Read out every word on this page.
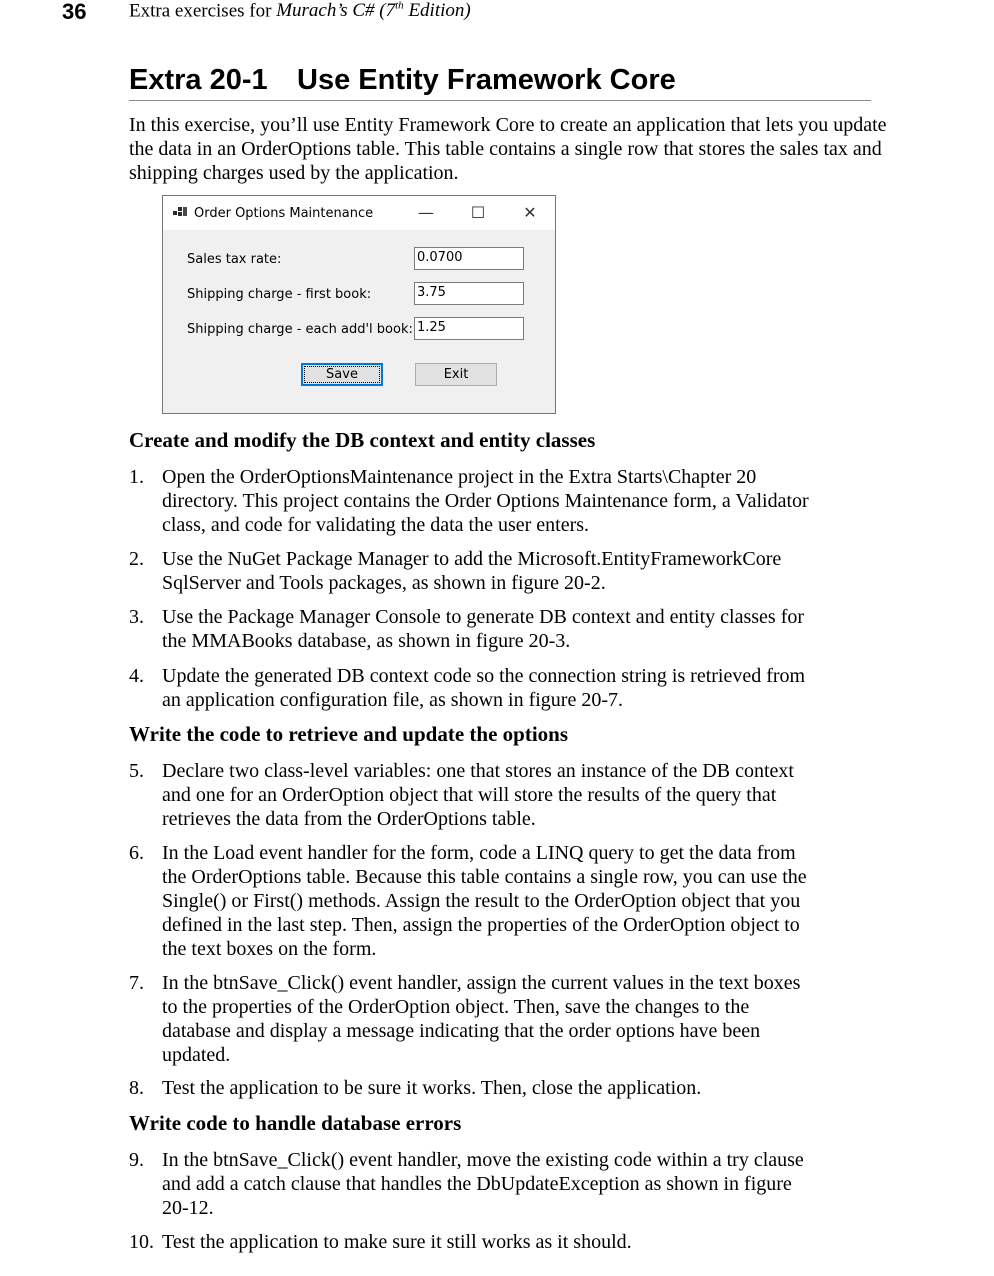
36 Extra exercises for Murach’s C# (7th Edition)
Extra 20-1 Use Entity Framework Core
In this exercise, you’ll use Entity Framework Core to create an application that lets you update
the data in an OrderOptions table. This table contains a single row that stores the sales tax and
shipping charges used by the application.
Order Options Maintenance	— ☐ ✕
Sales tax rate:	0.0700
Shipping charge - first book:	3.75
Shipping charge - each add'l book: 1.25
Save	Exit
Create and modify the DB context and entity classes
1. Open the OrderOptionsMaintenance project in the Extra Starts\Chapter 20
directory. This project contains the Order Options Maintenance form, a Validator
class, and code for validating the data the user enters.
2. Use the NuGet Package Manager to add the Microsoft.EntityFrameworkCore
SqlServer and Tools packages, as shown in figure 20-2.
3. Use the Package Manager Console to generate DB context and entity classes for
the MMABooks database, as shown in figure 20-3.
4. Update the generated DB context code so the connection string is retrieved from
an application configuration file, as shown in figure 20-7.
Write the code to retrieve and update the options
5. Declare two class-level variables: one that stores an instance of the DB context
and one for an OrderOption object that will store the results of the query that
retrieves the data from the OrderOptions table.
6. In the Load event handler for the form, code a LINQ query to get the data from
the OrderOptions table. Because this table contains a single row, you can use the
Single() or First() methods. Assign the result to the OrderOption object that you
defined in the last step. Then, assign the properties of the OrderOption object to
the text boxes on the form.
7. In the btnSave_Click() event handler, assign the current values in the text boxes
to the properties of the OrderOption object. Then, save the changes to the
database and display a message indicating that the order options have been
updated.
8. Test the application to be sure it works. Then, close the application.
Write code to handle database errors
9. In the btnSave_Click() event handler, move the existing code within a try clause
and add a catch clause that handles the DbUpdateException as shown in figure
20-12.
10. Test the application to make sure it still works as it should.
